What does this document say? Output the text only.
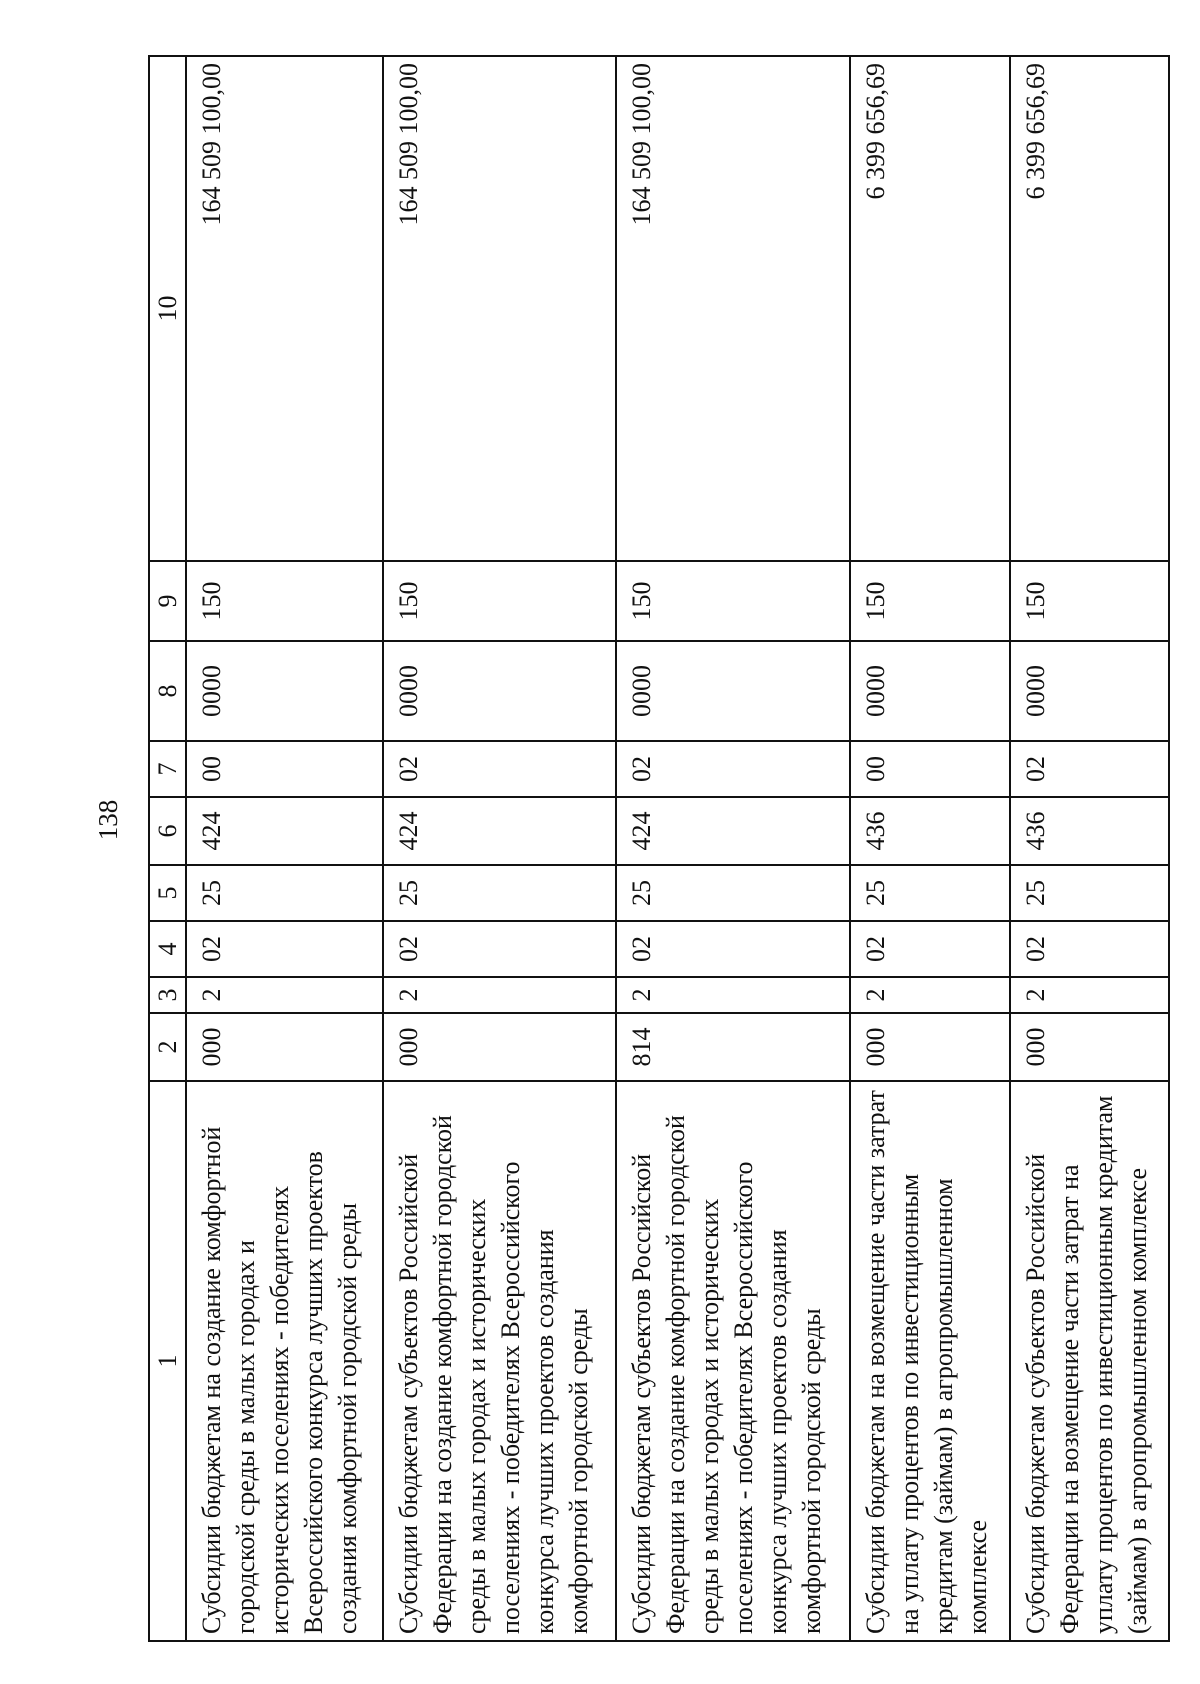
138
1	2	3	4	5	6	7	8	9	10
Субсидии бюджетам на создание комфортной городской среды в малых городах и исторических поселениях - победителях Всероссийского конкурса лучших проектов создания комфортной городской среды	000	2	02	25	424	00	0000	150	164 509 100,00
Субсидии бюджетам субъектов Российской Федерации на создание комфортной городской среды в малых городах и исторических поселениях - победителях Всероссийского конкурса лучших проектов создания комфортной городской среды	000	2	02	25	424	02	0000	150	164 509 100,00
Субсидии бюджетам субъектов Российской Федерации на создание комфортной городской среды в малых городах и исторических поселениях - победителях Всероссийского конкурса лучших проектов создания комфортной городской среды	814	2	02	25	424	02	0000	150	164 509 100,00
Субсидии бюджетам на возмещение части затрат на уплату процентов по инвестиционным кредитам (займам) в агропромышленном комплексе	000	2	02	25	436	00	0000	150	6 399 656,69
Субсидии бюджетам субъектов Российской Федерации на возмещение части затрат на уплату процентов по инвестиционным кредитам (займам) в агропромышленном комплексе	000	2	02	25	436	02	0000	150	6 399 656,69
